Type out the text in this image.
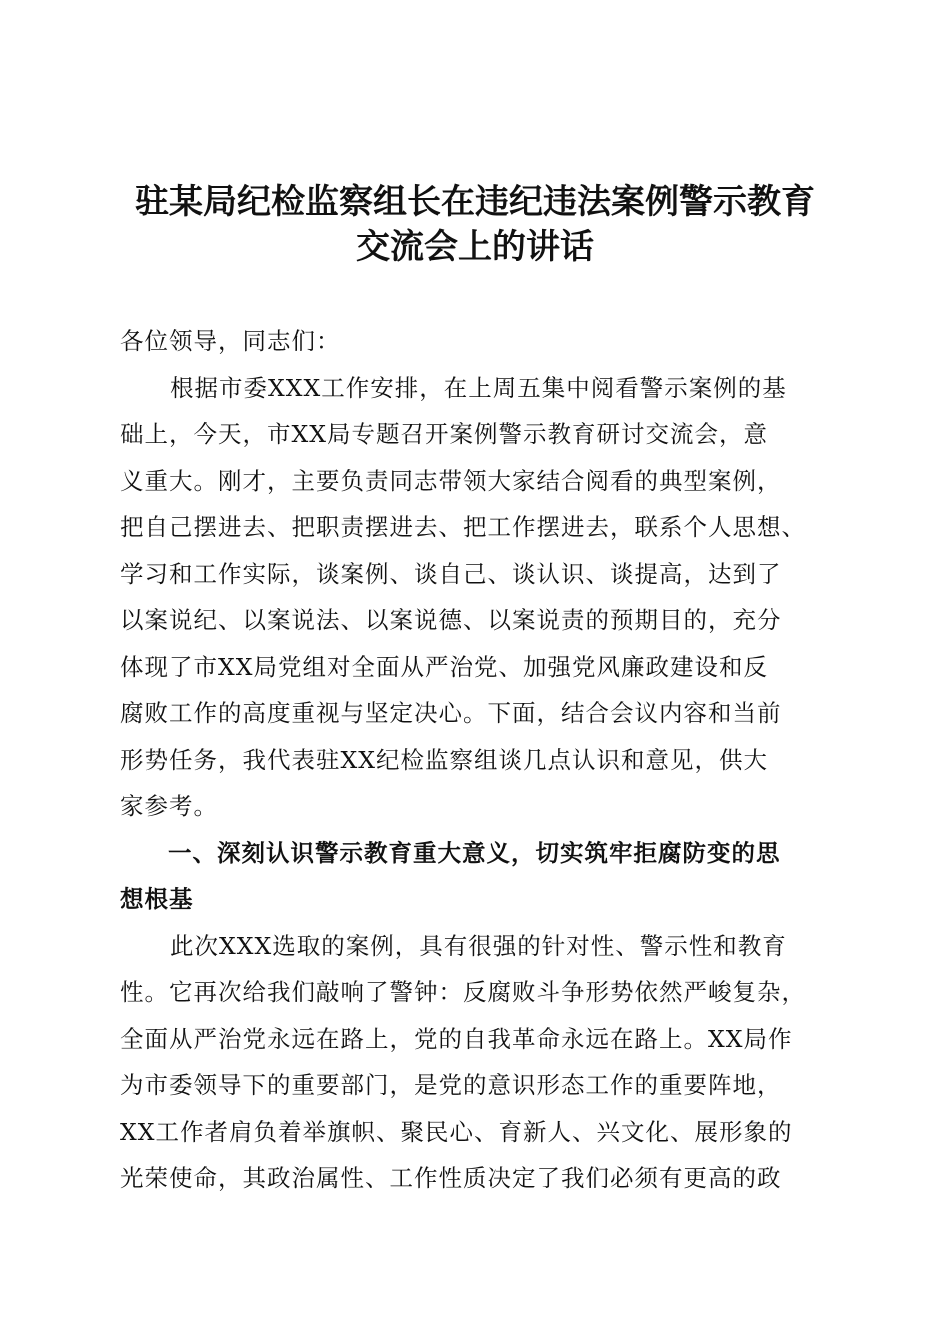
驻某局纪检监察组长在违纪违法案例警示教育
交流会上的讲话
各位领导，同志们：
根据市委XXX工作安排，在上周五集中阅看警示案例的基
础上，今天，市XX局专题召开案例警示教育研讨交流会，意
义重大。刚才，主要负责同志带领大家结合阅看的典型案例，
把自己摆进去、把职责摆进去、把工作摆进去，联系个人思想、
学习和工作实际，谈案例、谈自己、谈认识、谈提高，达到了
以案说纪、以案说法、以案说德、以案说责的预期目的，充分
体现了市XX局党组对全面从严治党、加强党风廉政建设和反
腐败工作的高度重视与坚定决心。下面，结合会议内容和当前
形势任务，我代表驻XX纪检监察组谈几点认识和意见，供大
家参考。
一、深刻认识警示教育重大意义，切实筑牢拒腐防变的思
想根基
此次XXX选取的案例，具有很强的针对性、警示性和教育
性。它再次给我们敲响了警钟：反腐败斗争形势依然严峻复杂，
全面从严治党永远在路上，党的自我革命永远在路上。XX局作
为市委领导下的重要部门，是党的意识形态工作的重要阵地，
XX工作者肩负着举旗帜、聚民心、育新人、兴文化、展形象的
光荣使命，其政治属性、工作性质决定了我们必须有更高的政
